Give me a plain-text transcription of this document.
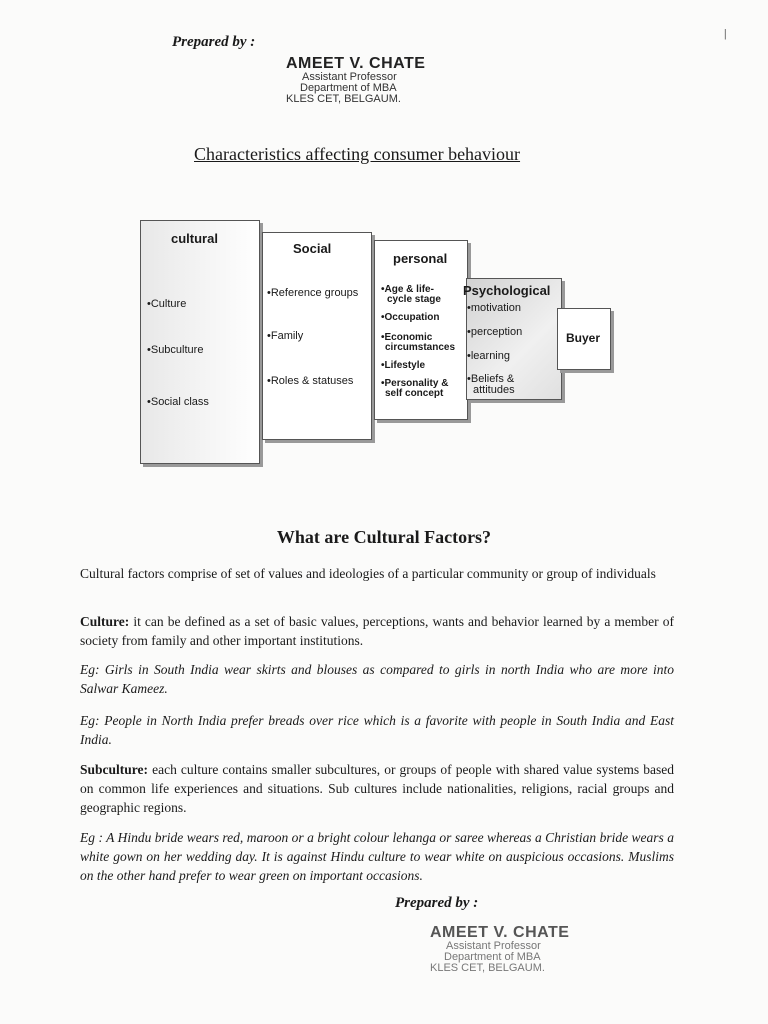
Prepared by :
AMEET V. CHATE
Assistant Professor
Department of MBA
KLES CET, BELGAUM.
|
Characteristics affecting consumer behaviour
cultural
•Culture
•Subculture
•Social class
Social
•Reference groups
•Family
•Roles & statuses
personal
•Age & life-
cycle stage
•Occupation
•Economic
circumstances
•Lifestyle
•Personality &
self concept
Psychological
•motivation
•perception
•learning
•Beliefs &
attitudes
Buyer
What are Cultural Factors?
Cultural factors comprise of set of values and ideologies of a particular community or group of individuals
Culture: it can be defined as a set of basic values, perceptions, wants and behavior learned by a member of society from family and other important institutions.
Eg: Girls in South India wear skirts and blouses as compared to girls in north India who are more into Salwar Kameez.
Eg: People in North India prefer breads over rice which is a favorite with people in South India and East India.
Subculture: each culture contains smaller subcultures, or groups of people with shared value systems based on common life experiences and situations. Sub cultures include nationalities, religions, racial groups and geographic regions.
Eg : A Hindu bride wears red, maroon or a bright colour lehanga or saree whereas a Christian bride wears a white gown on her wedding day. It is against Hindu culture to wear white on auspicious occasions. Muslims on the other hand prefer to wear green on important occasions.
Prepared by :
AMEET V. CHATE
Assistant Professor
Department of MBA
KLES CET, BELGAUM.
